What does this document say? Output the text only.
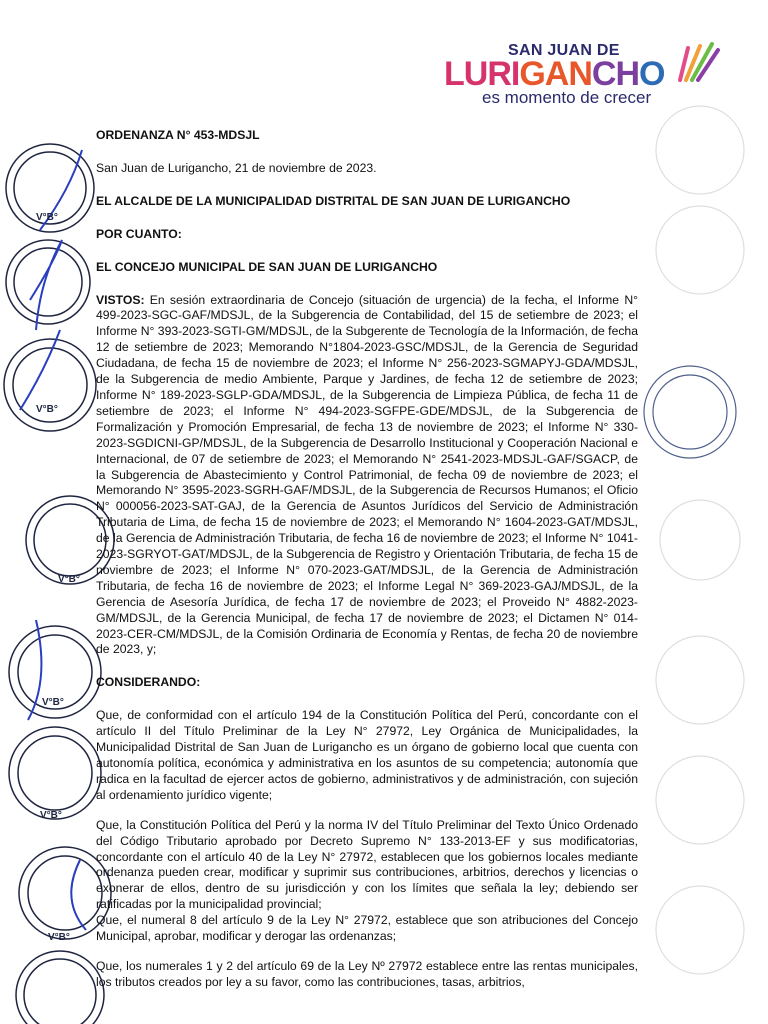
SAN JUAN DE
LURIGANCHO
es momento de crecer
V°B°
V°B°
V°B°
V°B°
V°B°
V°B°

ORDENANZA N° 453-MDSJL

San Juan de Lurigancho, 21 de noviembre de 2023.

EL ALCALDE DE LA MUNICIPALIDAD DISTRITAL DE SAN JUAN DE LURIGANCHO

POR CUANTO:

EL CONCEJO MUNICIPAL DE SAN JUAN DE LURIGANCHO

VISTOS: En sesión extraordinaria de Concejo (situación de urgencia) de la fecha, el Informe N° 499-2023-SGC-GAF/MDSJL, de la Subgerencia de Contabilidad, del 15 de setiembre de 2023; el Informe N° 393-2023-SGTI-GM/MDSJL, de la Subgerente de Tecnología de la Información, de fecha 12 de setiembre de 2023; Memorando N°1804-2023-GSC/MDSJL, de la Gerencia de Seguridad Ciudadana, de fecha 15 de noviembre de 2023; el Informe N° 256-2023-SGMAPYJ-GDA/MDSJL, de la Subgerencia de medio Ambiente, Parque y Jardines, de fecha 12 de setiembre de 2023; Informe N° 189-2023-SGLP-GDA/MDSJL, de la Subgerencia de Limpieza Pública, de fecha 11 de setiembre de 2023; el Informe N° 494-2023-SGFPE-GDE/MDSJL, de la Subgerencia de Formalización y Promoción Empresarial, de fecha 13 de noviembre de 2023; el Informe N° 330-2023-SGDICNI-GP/MDSJL, de la Subgerencia de Desarrollo Institucional y Cooperación Nacional e Internacional, de 07 de setiembre de 2023; el Memorando N° 2541-2023-MDSJL-GAF/SGACP, de la Subgerencia de Abastecimiento y Control Patrimonial, de fecha 09 de noviembre de 2023; el Memorando N° 3595-2023-SGRH-GAF/MDSJL, de la Subgerencia de Recursos Humanos; el Oficio N° 000056-2023-SAT-GAJ, de la Gerencia de Asuntos Jurídicos del Servicio de Administración Tributaria de Lima, de fecha 15 de noviembre de 2023; el Memorando N° 1604-2023-GAT/MDSJL, de la Gerencia de Administración Tributaria, de fecha 16 de noviembre de 2023; el Informe N° 1041-2023-SGRYOT-GAT/MDSJL, de la Subgerencia de Registro y Orientación Tributaria, de fecha 15 de noviembre de 2023; el Informe N° 070-2023-GAT/MDSJL, de la Gerencia de Administración Tributaria, de fecha 16 de noviembre de 2023; el Informe Legal N° 369-2023-GAJ/MDSJL, de la Gerencia de Asesoría Jurídica, de fecha 17 de noviembre de 2023; el Proveido N° 4882-2023-GM/MDSJL, de la Gerencia Municipal, de fecha 17 de noviembre de 2023; el Dictamen N° 014-2023-CER-CM/MDSJL, de la Comisión Ordinaria de Economía y Rentas, de fecha 20 de noviembre de 2023, y;

CONSIDERANDO:

Que, de conformidad con el artículo 194 de la Constitución Política del Perú, concordante con el artículo II del Título Preliminar de la Ley N° 27972, Ley Orgánica de Municipalidades, la Municipalidad Distrital de San Juan de Lurigancho es un órgano de gobierno local que cuenta con autonomía política, económica y administrativa en los asuntos de su competencia; autonomía que radica en la facultad de ejercer actos de gobierno, administrativos y de administración, con sujeción al ordenamiento jurídico vigente;

Que, la Constitución Política del Perú y la norma IV del Título Preliminar del Texto Único Ordenado del Código Tributario aprobado por Decreto Supremo N° 133-2013-EF y sus modificatorias, concordante con el artículo 40 de la Ley N° 27972, establecen que los gobiernos locales mediante ordenanza pueden crear, modificar y suprimir sus contribuciones, arbitrios, derechos y licencias o exonerar de ellos, dentro de su jurisdicción y con los límites que señala la ley; debiendo ser ratificadas por la municipalidad provincial;

Que, el numeral 8 del artículo 9 de la Ley N° 27972, establece que son atribuciones del Concejo Municipal, aprobar, modificar y derogar las ordenanzas;

Que, los numerales 1 y 2 del artículo 69 de la Ley Nº 27972 establece entre las rentas municipales, los tributos creados por ley a su favor, como las contribuciones, tasas, arbitrios,
